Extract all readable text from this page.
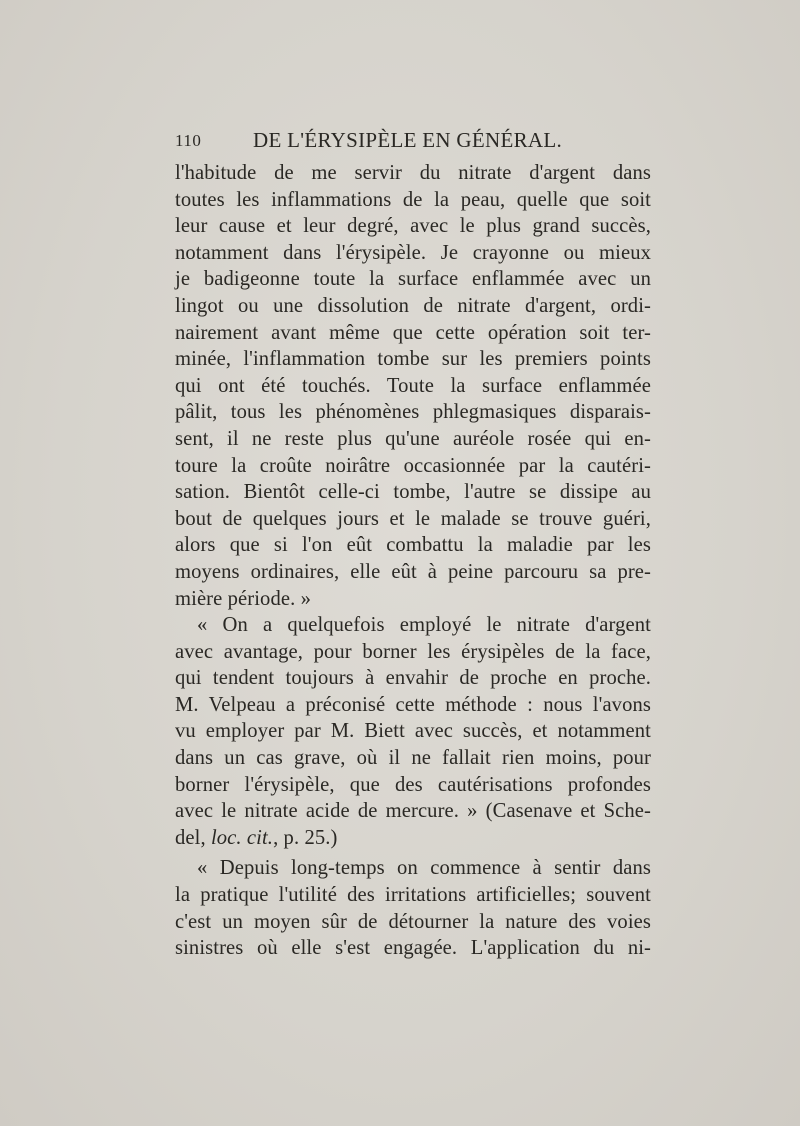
110 DE L'ÉRYSIPÈLE EN GÉNÉRAL.
l'habitude de me servir du nitrate d'argent dans
toutes les inflammations de la peau, quelle que soit
leur cause et leur degré, avec le plus grand succès,
notamment dans l'érysipèle. Je crayonne ou mieux
je badigeonne toute la surface enflammée avec un
lingot ou une dissolution de nitrate d'argent, ordi-
nairement avant même que cette opération soit ter-
minée, l'inflammation tombe sur les premiers points
qui ont été touchés. Toute la surface enflammée
pâlit, tous les phénomènes phlegmasiques disparais-
sent, il ne reste plus qu'une auréole rosée qui en-
toure la croûte noirâtre occasionnée par la cautéri-
sation. Bientôt celle-ci tombe, l'autre se dissipe au
bout de quelques jours et le malade se trouve guéri,
alors que si l'on eût combattu la maladie par les
moyens ordinaires, elle eût à peine parcouru sa pre-
mière période. »
« On a quelquefois employé le nitrate d'argent
avec avantage, pour borner les érysipèles de la face,
qui tendent toujours à envahir de proche en proche.
M. Velpeau a préconisé cette méthode : nous l'avons
vu employer par M. Biett avec succès, et notamment
dans un cas grave, où il ne fallait rien moins, pour
borner l'érysipèle, que des cautérisations profondes
avec le nitrate acide de mercure. » (Casenave et Sche-
del, loc. cit., p. 25.)
« Depuis long-temps on commence à sentir dans
la pratique l'utilité des irritations artificielles; souvent
c'est un moyen sûr de détourner la nature des voies
sinistres où elle s'est engagée. L'application du ni-
